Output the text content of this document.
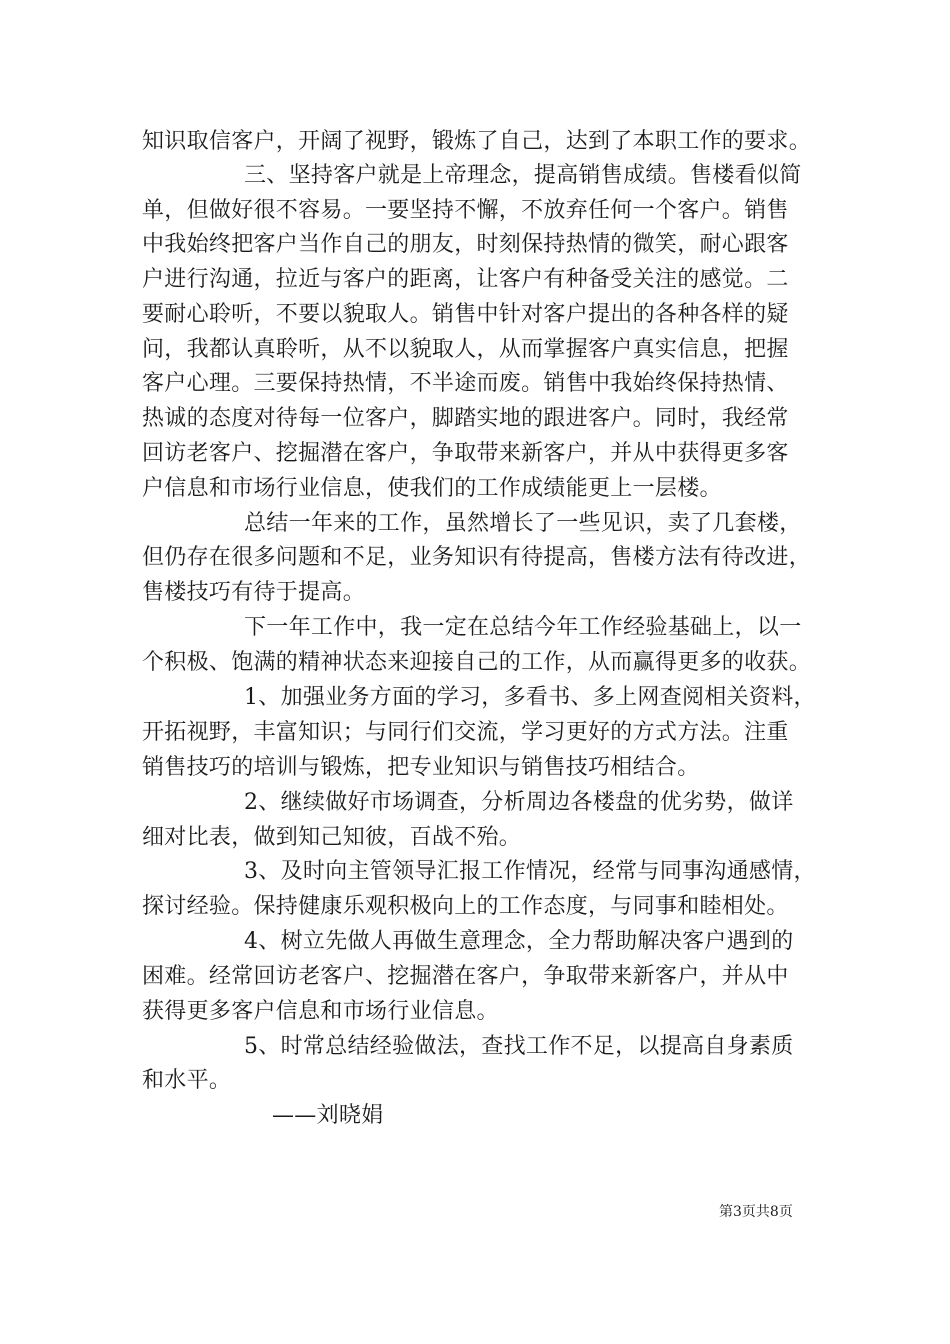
知识取信客户，开阔了视野，锻炼了自己，达到了本职工作的要求。
三、坚持客户就是上帝理念，提高销售成绩。售楼看似简
单，但做好很不容易。一要坚持不懈，不放弃任何一个客户。销售
中我始终把客户当作自己的朋友，时刻保持热情的微笑，耐心跟客
户进行沟通，拉近与客户的距离，让客户有种备受关注的感觉。二
要耐心聆听，不要以貌取人。销售中针对客户提出的各种各样的疑
问，我都认真聆听，从不以貌取人，从而掌握客户真实信息，把握
客户心理。三要保持热情，不半途而废。销售中我始终保持热情、
热诚的态度对待每一位客户，脚踏实地的跟进客户。同时，我经常
回访老客户、挖掘潜在客户，争取带来新客户，并从中获得更多客
户信息和市场行业信息，使我们的工作成绩能更上一层楼。
总结一年来的工作，虽然增长了一些见识，卖了几套楼，
但仍存在很多问题和不足，业务知识有待提高，售楼方法有待改进，
售楼技巧有待于提高。
下一年工作中，我一定在总结今年工作经验基础上，以一
个积极、饱满的精神状态来迎接自己的工作，从而赢得更多的收获。
1、加强业务方面的学习，多看书、多上网查阅相关资料，
开拓视野，丰富知识；与同行们交流，学习更好的方式方法。注重
销售技巧的培训与锻炼，把专业知识与销售技巧相结合。
2、继续做好市场调查，分析周边各楼盘的优劣势，做详
细对比表，做到知己知彼，百战不殆。
3、及时向主管领导汇报工作情况，经常与同事沟通感情，
探讨经验。保持健康乐观积极向上的工作态度，与同事和睦相处。
4、树立先做人再做生意理念，全力帮助解决客户遇到的
困难。经常回访老客户、挖掘潜在客户，争取带来新客户，并从中
获得更多客户信息和市场行业信息。
5、时常总结经验做法，查找工作不足，以提高自身素质
和水平。
——刘晓娟
第3页共8页
